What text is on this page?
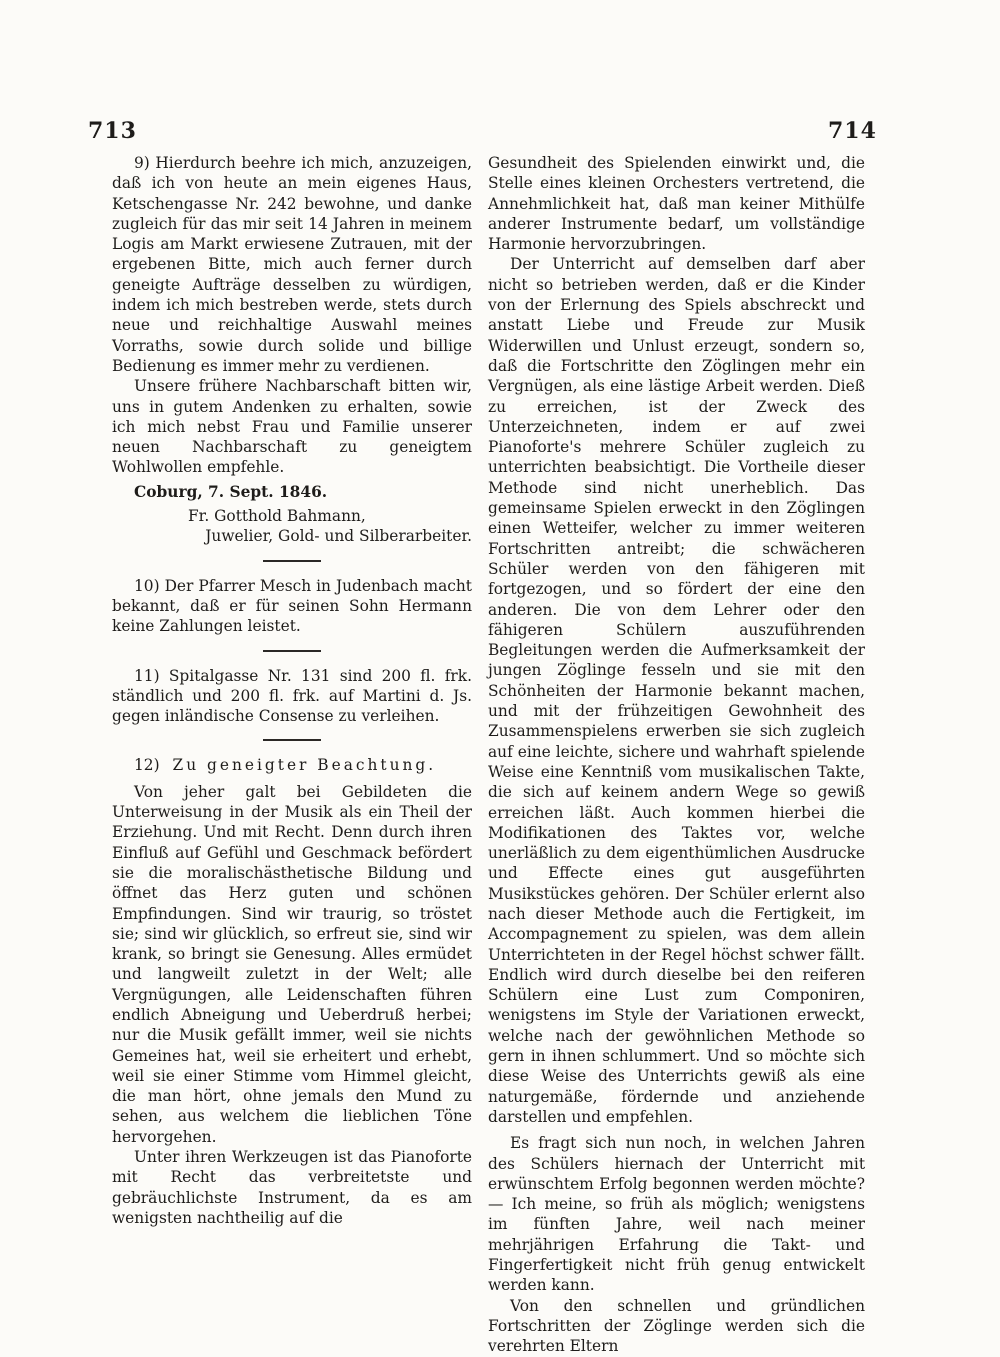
713	714

9) Hierdurch beehre ich mich, anzuzeigen, daß ich von heute an mein eigenes Haus, Ketschengasse Nr. 242 bewohne, und danke zugleich für das mir seit 14 Jahren in meinem Logis am Markt erwiesene Zutrauen, mit der ergebenen Bitte, mich auch ferner durch geneigte Aufträge desselben zu würdigen, indem ich mich bestreben werde, stets durch neue und reichhaltige Auswahl meines Vorraths, sowie durch solide und billige Bedienung es immer mehr zu verdienen.

Unsere frühere Nachbarschaft bitten wir, uns in gutem Andenken zu erhalten, sowie ich mich nebst Frau und Familie unserer neuen Nachbarschaft zu geneigtem Wohlwollen empfehle.

Coburg, 7. Sept. 1846.

Fr. Gotthold Bahmann,

Juwelier, Gold- und Silberarbeiter.

10) Der Pfarrer Mesch in Judenbach macht bekannt, daß er für seinen Sohn Hermann keine Zahlungen leistet.

11) Spitalgasse Nr. 131 sind 200 fl. frk. ständlich und 200 fl. frk. auf Martini d. Js. gegen inländische Consense zu verleihen.

12) Zu geneigter Beachtung.

Von jeher galt bei Gebildeten die Unterweisung in der Musik als ein Theil der Erziehung. Und mit Recht. Denn durch ihren Einfluß auf Gefühl und Geschmack befördert sie die moralischästhetische Bildung und öffnet das Herz guten und schönen Empfindungen. Sind wir traurig, so tröstet sie; sind wir glücklich, so erfreut sie, sind wir krank, so bringt sie Genesung. Alles ermüdet und langweilt zuletzt in der Welt; alle Vergnügungen, alle Leidenschaften führen endlich Abneigung und Ueberdruß herbei; nur die Musik gefällt immer, weil sie nichts Gemeines hat, weil sie erheitert und erhebt, weil sie einer Stimme vom Himmel gleicht, die man hört, ohne jemals den Mund zu sehen, aus welchem die lieblichen Töne hervorgehen.

Unter ihren Werkzeugen ist das Pianoforte mit Recht das verbreitetste und gebräuchlichste Instrument, da es am wenigsten nachtheilig auf die

Gesundheit des Spielenden einwirkt und, die Stelle eines kleinen Orchesters vertretend, die Annehmlichkeit hat, daß man keiner Mithülfe anderer Instrumente bedarf, um vollständige Harmonie hervorzubringen.

Der Unterricht auf demselben darf aber nicht so betrieben werden, daß er die Kinder von der Erlernung des Spiels abschreckt und anstatt Liebe und Freude zur Musik Widerwillen und Unlust erzeugt, sondern so, daß die Fortschritte den Zöglingen mehr ein Vergnügen, als eine lästige Arbeit werden. Dieß zu erreichen, ist der Zweck des Unterzeichneten, indem er auf zwei Pianoforte's mehrere Schüler zugleich zu unterrichten beabsichtigt. Die Vortheile dieser Methode sind nicht unerheblich. Das gemeinsame Spielen erweckt in den Zöglingen einen Wetteifer, welcher zu immer weiteren Fortschritten antreibt; die schwächeren Schüler werden von den fähigeren mit fortgezogen, und so fördert der eine den anderen. Die von dem Lehrer oder den fähigeren Schülern auszuführenden Begleitungen werden die Aufmerksamkeit der jungen Zöglinge fesseln und sie mit den Schönheiten der Harmonie bekannt machen, und mit der frühzeitigen Gewohnheit des Zusammenspielens erwerben sie sich zugleich auf eine leichte, sichere und wahrhaft spielende Weise eine Kenntniß vom musikalischen Takte, die sich auf keinem andern Wege so gewiß erreichen läßt. Auch kommen hierbei die Modifikationen des Taktes vor, welche unerläßlich zu dem eigenthümlichen Ausdrucke und Effecte eines gut ausgeführten Musikstückes gehören. Der Schüler erlernt also nach dieser Methode auch die Fertigkeit, im Accompagnement zu spielen, was dem allein Unterrichteten in der Regel höchst schwer fällt. Endlich wird durch dieselbe bei den reiferen Schülern eine Lust zum Componiren, wenigstens im Style der Variationen erweckt, welche nach der gewöhnlichen Methode so gern in ihnen schlummert. Und so möchte sich diese Weise des Unterrichts gewiß als eine naturgemäße, fördernde und anziehende darstellen und empfehlen.

Es fragt sich nun noch, in welchen Jahren des Schülers hiernach der Unterricht mit erwünschtem Erfolg begonnen werden möchte? — Ich meine, so früh als möglich; wenigstens im fünften Jahre, weil nach meiner mehrjährigen Erfahrung die Takt- und Fingerfertigkeit nicht früh genug entwickelt werden kann.

Von den schnellen und gründlichen Fortschritten der Zöglinge werden sich die verehrten Eltern
